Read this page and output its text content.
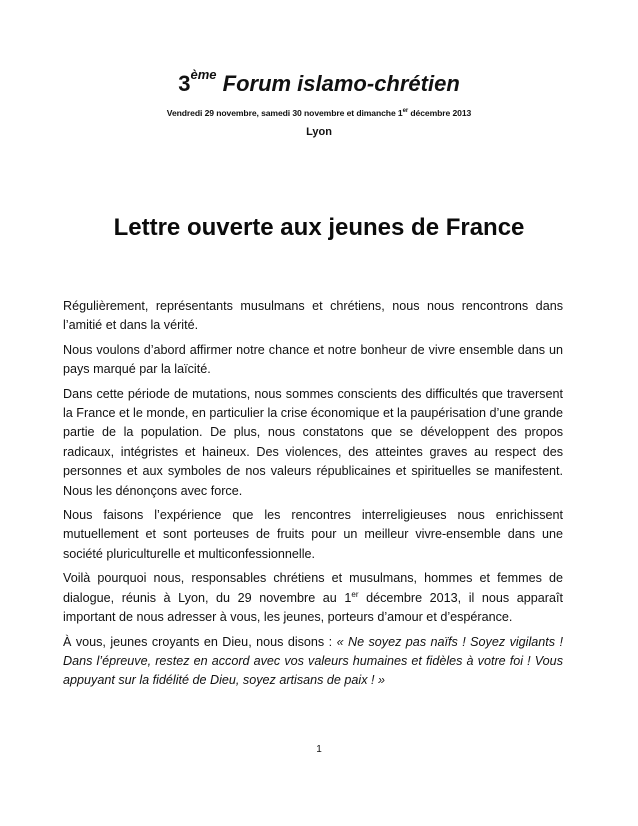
3ème Forum islamo-chrétien
Vendredi 29 novembre, samedi 30 novembre et dimanche 1er décembre 2013
Lyon
Lettre ouverte aux jeunes de France

Régulièrement, représentants musulmans et chrétiens, nous nous rencontrons dans l’amitié et dans la vérité.

Nous voulons d’abord affirmer notre chance et notre bonheur de vivre ensemble dans un pays marqué par la laïcité.

Dans cette période de mutations, nous sommes conscients des difficultés que traversent la France et le monde, en particulier la crise économique et la paupérisation d’une grande partie de la population. De plus, nous constatons que se développent des propos radicaux, intégristes et haineux. Des violences, des atteintes graves au respect des personnes et aux symboles de nos valeurs républicaines et spirituelles se manifestent. Nous les dénonçons avec force.

Nous faisons l’expérience que les rencontres interreligieuses nous enrichissent mutuellement et sont porteuses de fruits pour un meilleur vivre-ensemble dans une société pluriculturelle et multiconfessionnelle.

Voilà pourquoi nous, responsables chrétiens et musulmans, hommes et femmes de dialogue, réunis à Lyon, du 29 novembre au 1er décembre 2013, il nous apparaît important de nous adresser à vous, les jeunes, porteurs d’amour et d’espérance.

À vous, jeunes croyants en Dieu, nous disons : « Ne soyez pas naïfs ! Soyez vigilants ! Dans l’épreuve, restez en accord avec vos valeurs humaines et fidèles à votre foi ! Vous appuyant sur la fidélité de Dieu, soyez artisans de paix ! »

1
